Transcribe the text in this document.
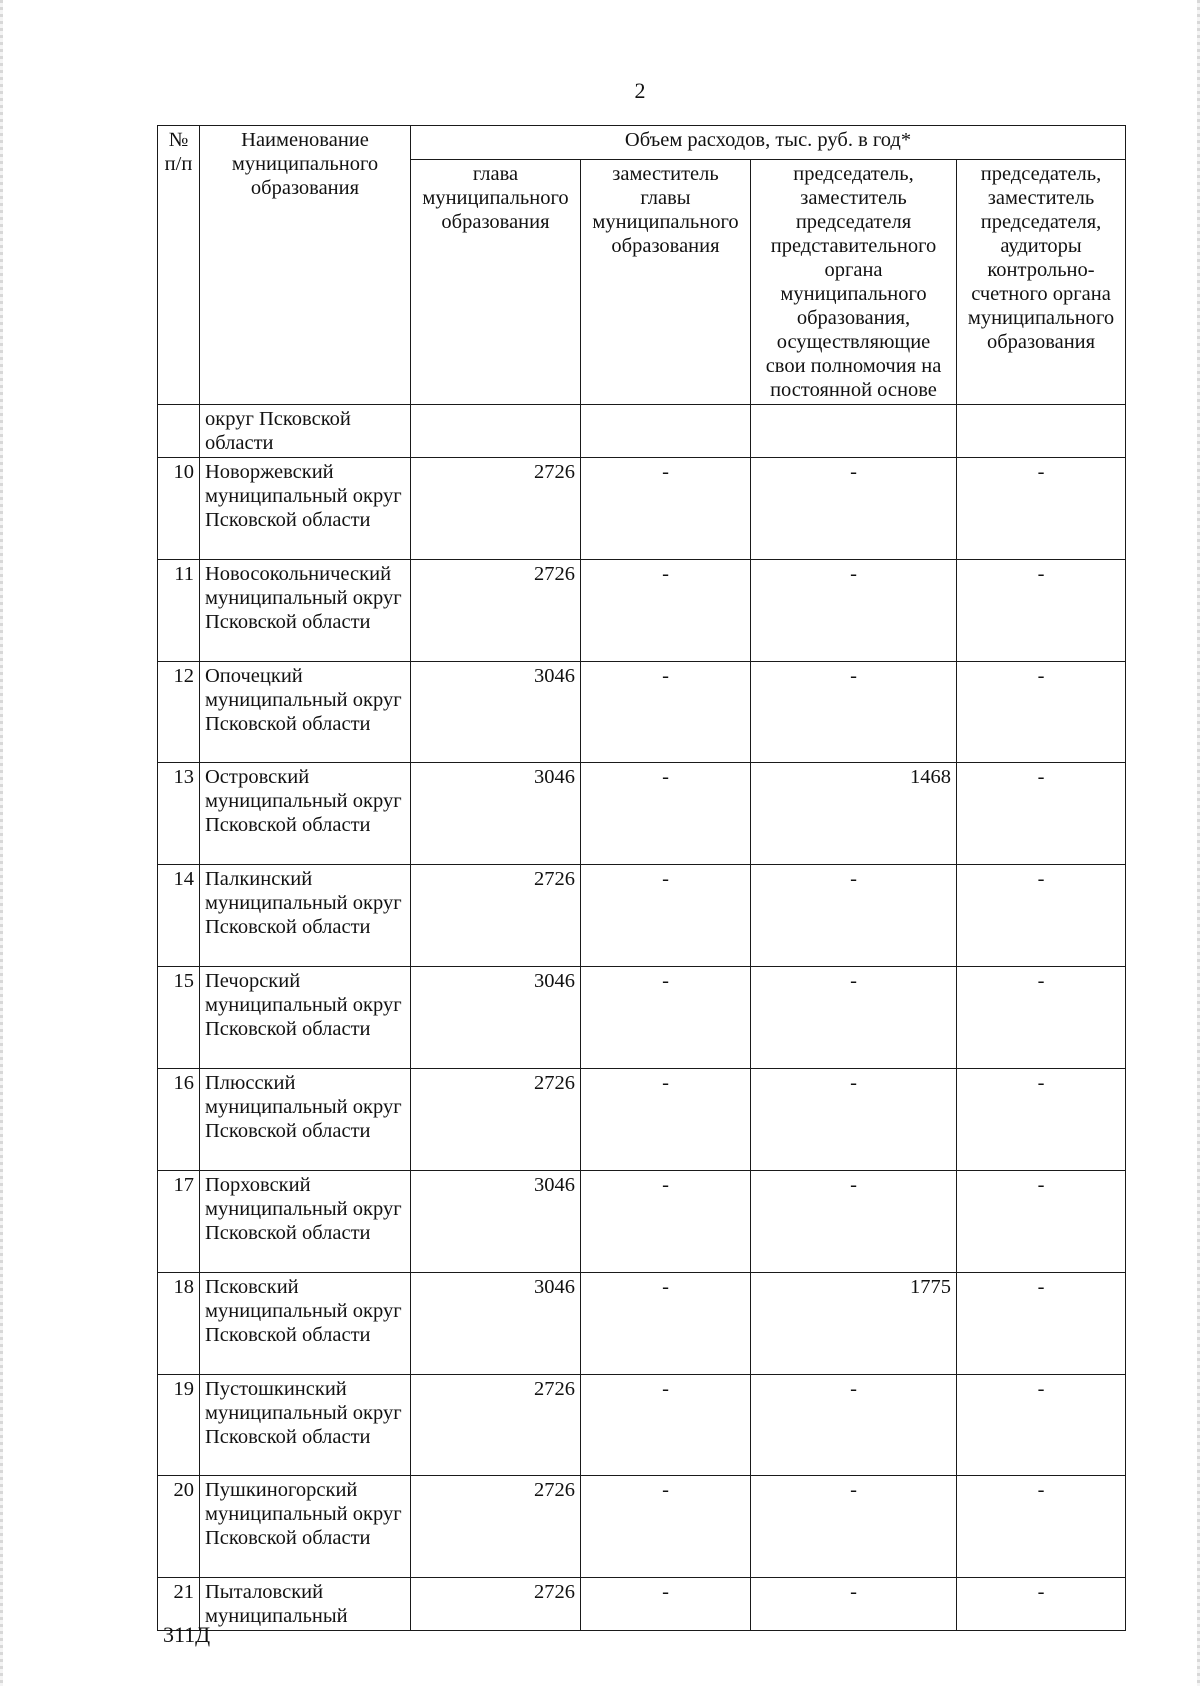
2
№ п/п	Наименование муниципального образования	Объем расходов, тыс. руб. в год*			
		глава муниципального образования	заместитель главы муниципального образования	председатель, заместитель председателя представительного органа муниципального образования, осуществляющие свои полномочия на постоянной основе	председатель, заместитель председателя, аудиторы контрольно-счетного органа муниципального образования
	округ Псковской области				
10	Новоржевский муниципальный округ Псковской области	2726	-	-	-
11	Новосокольнический муниципальный округ Псковской области	2726	-	-	-
12	Опочецкий муниципальный округ Псковской области	3046	-	-	-
13	Островский муниципальный округ Псковской области	3046	-	1468	-
14	Палкинский муниципальный округ Псковской области	2726	-	-	-
15	Печорский муниципальный округ Псковской области	3046	-	-	-
16	Плюсский муниципальный округ Псковской области	2726	-	-	-
17	Порховский муниципальный округ Псковской области	3046	-	-	-
18	Псковский муниципальный округ Псковской области	3046	-	1775	-
19	Пустошкинский муниципальный округ Псковской области	2726	-	-	-
20	Пушкиногорский муниципальный округ Псковской области	2726	-	-	-
21	Пыталовский муниципальный	2726	-	-	-
311Д
